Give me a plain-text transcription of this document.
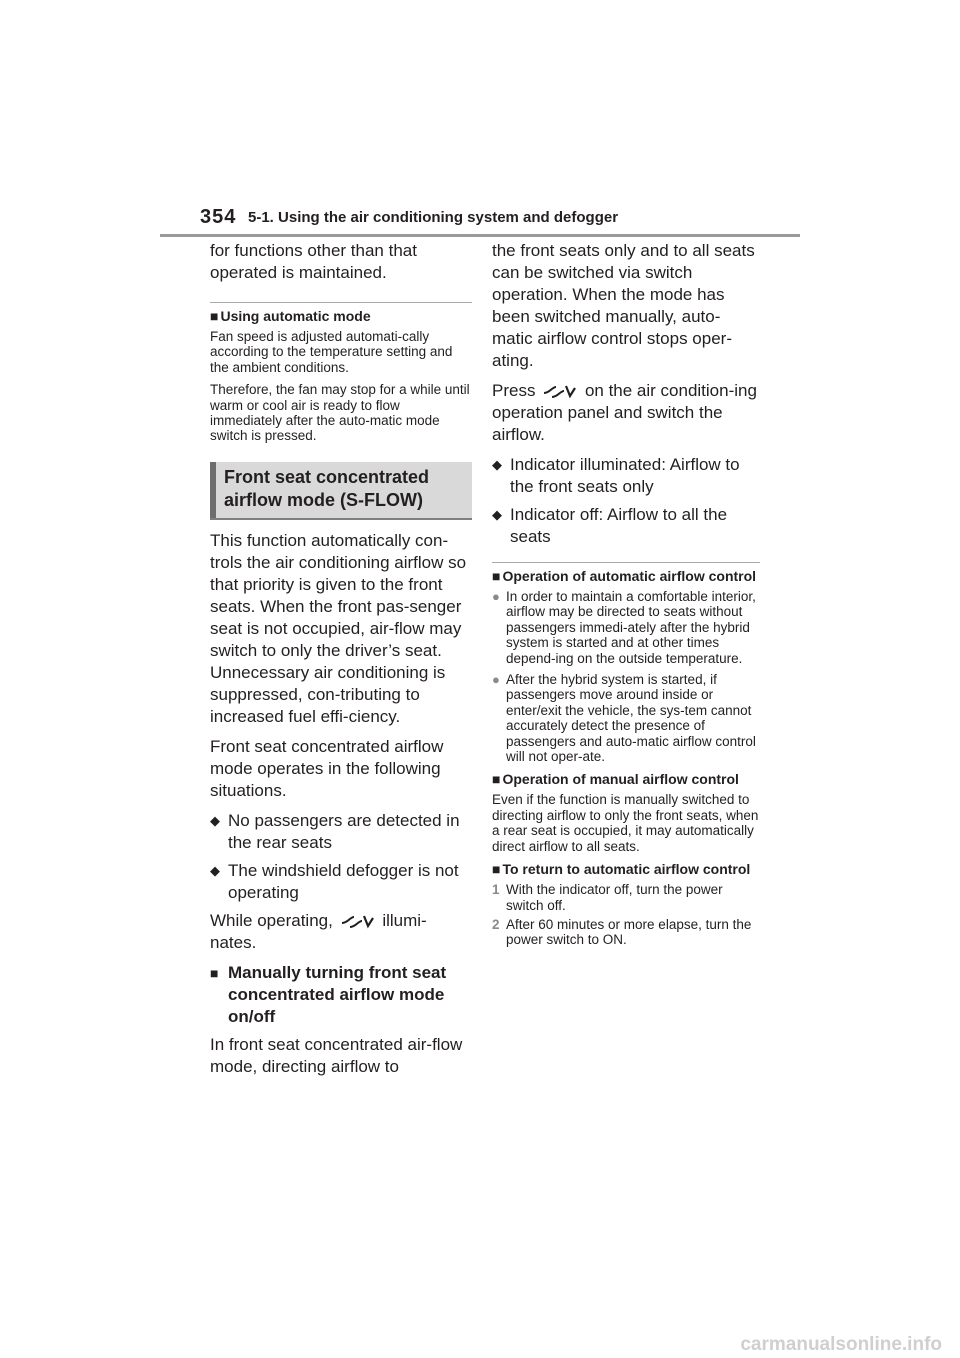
354 5-1. Using the air conditioning system and defogger

for functions other than that operated is maintained.

■ Using automatic mode

Fan speed is adjusted automati-cally according to the temperature setting and the ambient conditions.

Therefore, the fan may stop for a while until warm or cool air is ready to flow immediately after the auto-matic mode switch is pressed.

Front seat concentrated airflow mode (S-FLOW)

This function automatically con-trols the air conditioning airflow so that priority is given to the front seats. When the front pas-senger seat is not occupied, air-flow may switch to only the driver’s seat. Unnecessary air conditioning is suppressed, con-tributing to increased fuel effi-ciency.

Front seat concentrated airflow mode operates in the following situations.

◆ No passengers are detected in the rear seats
◆ The windshield defogger is not operating

While operating,	illumi-nates.

■ Manually turning front seat concentrated airflow mode on/off

In front seat concentrated air-flow mode, directing airflow to

the front seats only and to all seats can be switched via switch operation. When the mode has been switched manually, auto-matic airflow control stops oper-ating.

Press	on the air condition-ing operation panel and switch the airflow.

◆ Indicator illuminated: Airflow to the front seats only
◆ Indicator off: Airflow to all the seats
■ Operation of automatic airflow control
● In order to maintain a comfortable interior, airflow may be directed to seats without passengers immedi-ately after the hybrid system is started and at other times depend-ing on the outside temperature.
● After the hybrid system is started, if passengers move around inside or enter/exit the vehicle, the sys-tem cannot accurately detect the presence of passengers and auto-matic airflow control will not oper-ate.
■ Operation of manual airflow control

Even if the function is manually switched to directing airflow to only the front seats, when a rear seat is occupied, it may automatically direct airflow to all seats.

■ To return to automatic airflow control
1 With the indicator off, turn the power switch off.
2 After 60 minutes or more elapse, turn the power switch to ON.
carmanualsonline.info
